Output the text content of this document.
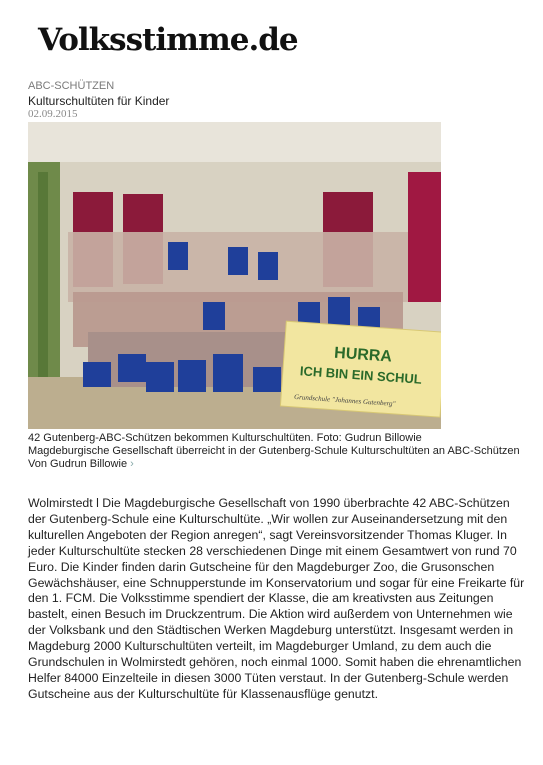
Volksstimme.de
ABC-SCHÜTZEN
Kulturschultüten für Kinder
02.09.2015
HURRA
ICH BIN EIN SCHUL
Grundschule "Johannes Gutenberg"

42 Gutenberg-ABC-Schützen bekommen Kulturschultüten. Foto: Gudrun Billowie

Magdeburgische Gesellschaft überreicht in der Gutenberg-Schule Kulturschultüten an ABC-Schützen

Von Gudrun Billowie ›

Wolmirstedt l Die Magdeburgische Gesellschaft von 1990 überbrachte 42 ABC-Schützen der Gutenberg-Schule eine Kulturschultüte. „Wir wollen zur Auseinandersetzung mit den kulturellen Angeboten der Region anregen“, sagt Vereinsvorsitzender Thomas Kluger. In jeder Kulturschultüte stecken 28 verschiedenen Dinge mit einem Gesamtwert von rund 70 Euro. Die Kinder finden darin Gutscheine für den Magdeburger Zoo, die Grusonschen Gewächshäuser, eine Schnupperstunde im Konservatorium und sogar für eine Freikarte für den 1. FCM. Die Volksstimme spendiert der Klasse, die am kreativsten aus Zeitungen bastelt, einen Besuch im Druckzentrum. Die Aktion wird außerdem von Unternehmen wie der Volksbank und den Städtischen Werken Magdeburg unterstützt. Insgesamt werden in Magdeburg 2000 Kulturschultüten verteilt, im Magdeburger Umland, zu dem auch die Grundschulen in Wolmirstedt gehören, noch einmal 1000. Somit haben die ehrenamtlichen Helfer 84000 Einzelteile in diesen 3000 Tüten verstaut. In der Gutenberg-Schule werden Gutscheine aus der Kulturschultüte für Klassenausflüge genutzt.
